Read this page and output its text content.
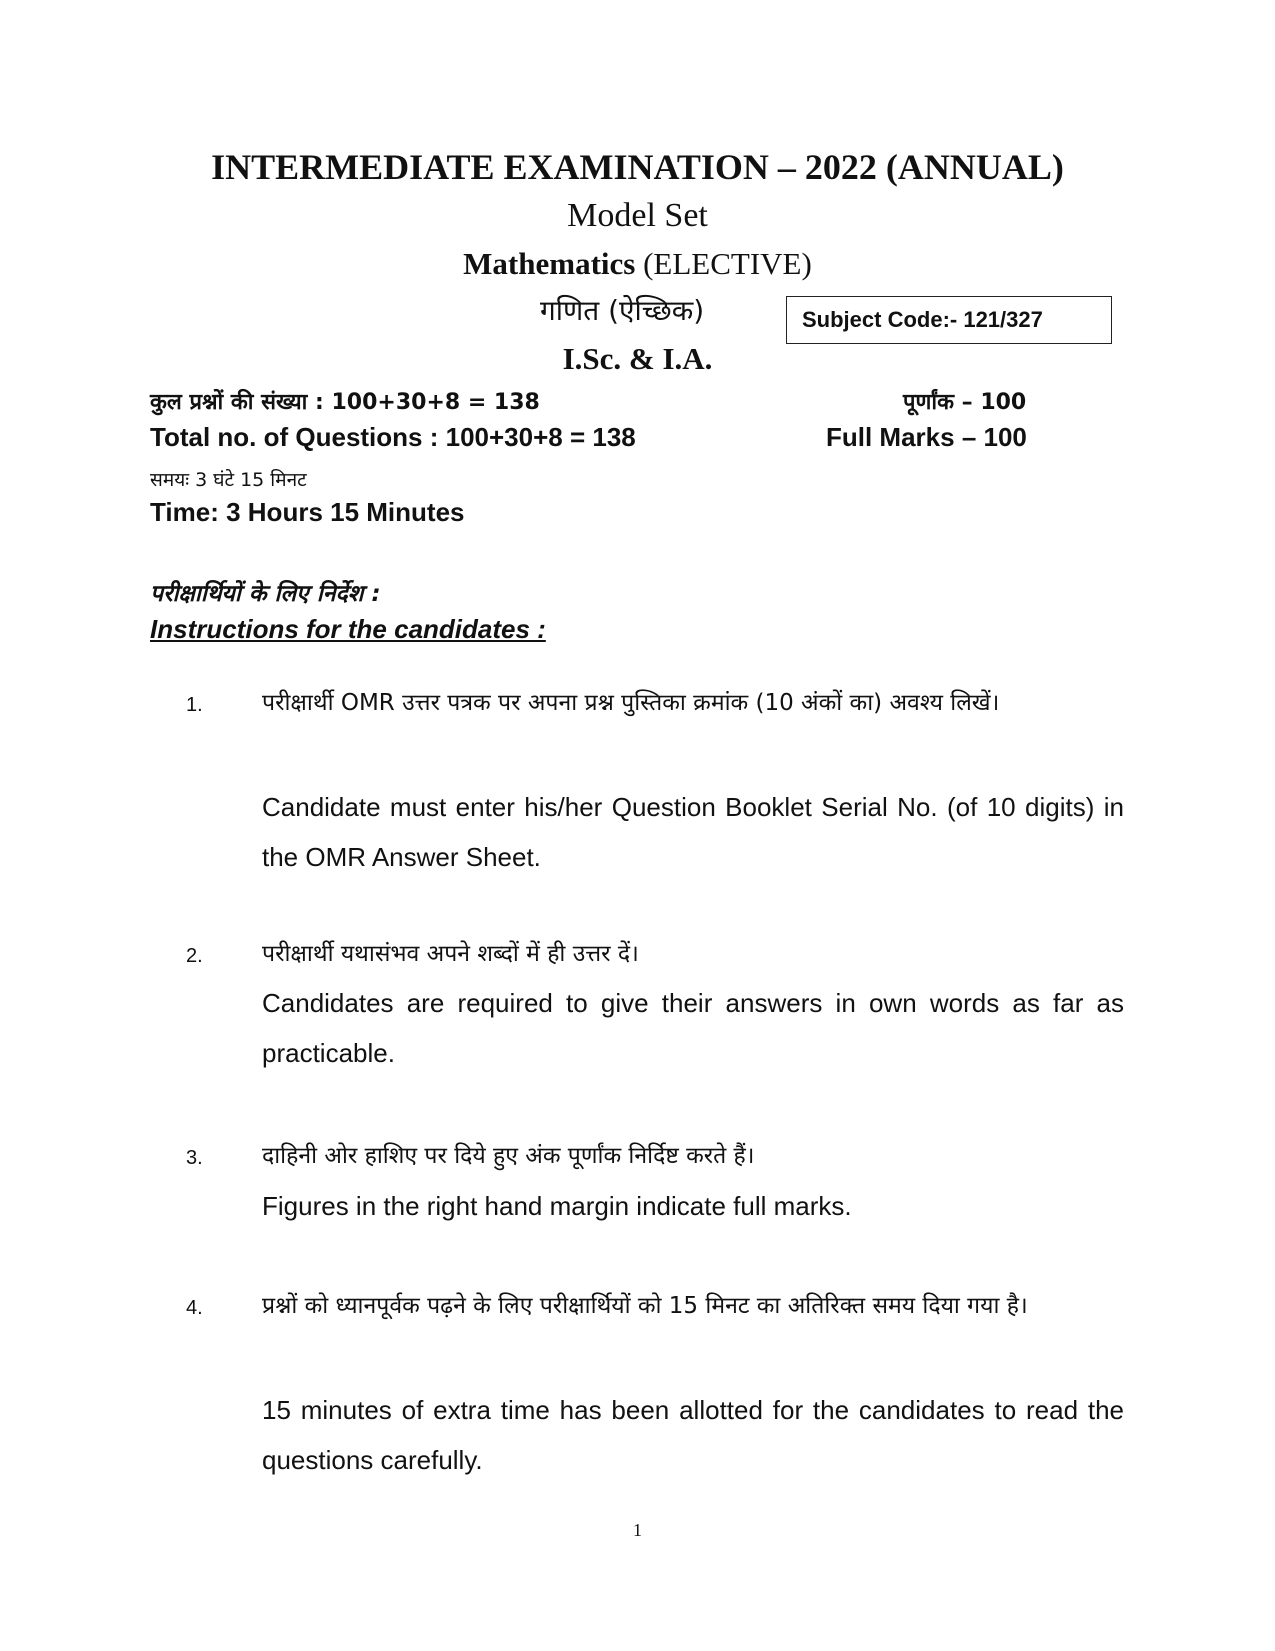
INTERMEDIATE EXAMINATION – 2022 (ANNUAL)
Model Set
Mathematics (ELECTIVE)
गणित (ऐच्छिक)	Subject Code:- 121/327
I.Sc. & I.A.
कुल प्रश्नों की संख्या : 100+30+8 = 138	पूर्णांक – 100
Total no. of Questions : 100+30+8 = 138	Full Marks – 100
समयः 3 घंटे 15 मिनट
Time: 3 Hours 15 Minutes
परीक्षार्थियों के लिए निर्देश :
Instructions for the candidates :
1.	परीक्षार्थी OMR उत्तर पत्रक पर अपना प्रश्न पुस्तिका क्रमांक (10 अंकों का) अवश्य लिखें।
Candidate must enter his/her Question Booklet Serial No. (of 10 digits) in the OMR Answer Sheet.
2.	परीक्षार्थी यथासंभव अपने शब्दों में ही उत्तर दें।
Candidates are required to give their answers in own words as far as practicable.
3.	दाहिनी ओर हाशिए पर दिये हुए अंक पूर्णांक निर्दिष्ट करते हैं।
Figures in the right hand margin indicate full marks.
4.	प्रश्नों को ध्यानपूर्वक पढ़ने के लिए परीक्षार्थियों को 15 मिनट का अतिरिक्त समय दिया गया है।
15 minutes of extra time has been allotted for the candidates to read the questions carefully.
1
